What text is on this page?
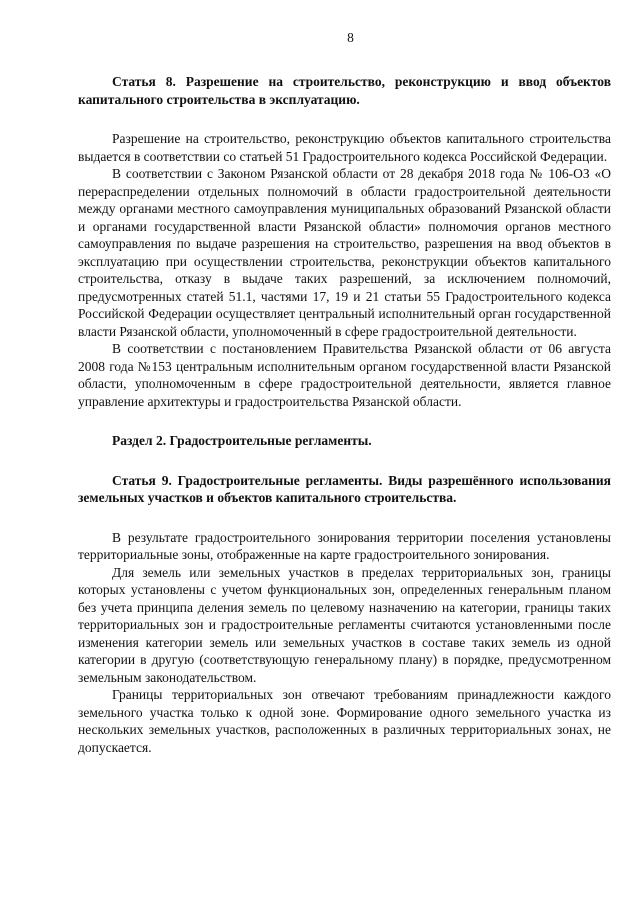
8

Статья 8. Разрешение на строительство, реконструкцию и ввод объектов капитального строительства в эксплуатацию.

Разрешение на строительство, реконструкцию объектов капитального строительства выдается в соответствии со статьей 51 Градостроительного кодекса Российской Федерации.

В соответствии с Законом Рязанской области от 28 декабря 2018 года № 106-ОЗ «О перераспределении отдельных полномочий в области градостроительной деятельности между органами местного самоуправления муниципальных образований Рязанской области и органами государственной власти Рязанской области» полномочия органов местного самоуправления по выдаче разрешения на строительство, разрешения на ввод объектов в эксплуатацию при осуществлении строительства, реконструкции объектов капитального строительства, отказу в выдаче таких разрешений, за исключением полномочий, предусмотренных статей 51.1, частями 17, 19 и 21 статьи 55 Градостроительного кодекса Российской Федерации осуществляет центральный исполнительный орган государственной власти Рязанской области, уполномоченный в сфере градостроительной деятельности.

В соответствии с постановлением Правительства Рязанской области от 06 августа 2008 года №153 центральным исполнительным органом государственной власти Рязанской области, уполномоченным в сфере градостроительной деятельности, является главное управление архитектуры и градостроительства Рязанской области.

Раздел 2. Градостроительные регламенты.

Статья 9. Градостроительные регламенты. Виды разрешённого использования земельных участков и объектов капитального строительства.

В результате градостроительного зонирования территории поселения установлены территориальные зоны, отображенные на карте градостроительного зонирования.

Для земель или земельных участков в пределах территориальных зон, границы которых установлены с учетом функциональных зон, определенных генеральным планом без учета принципа деления земель по целевому назначению на категории, границы таких территориальных зон и градостроительные регламенты считаются установленными после изменения категории земель или земельных участков в составе таких земель из одной категории в другую (соответствующую генеральному плану) в порядке, предусмотренном земельным законодательством.

Границы территориальных зон отвечают требованиям принадлежности каждого земельного участка только к одной зоне. Формирование одного земельного участка из нескольких земельных участков, расположенных в различных территориальных зонах, не допускается.
